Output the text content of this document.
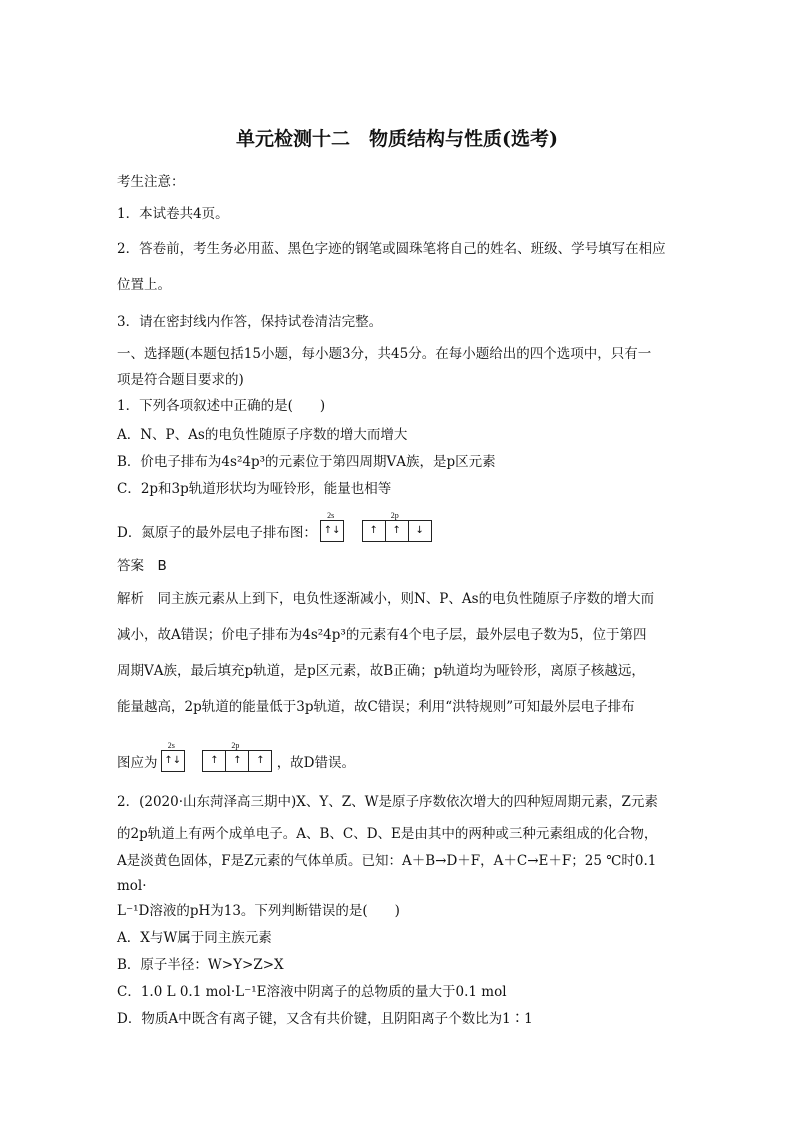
单元检测十二　物质结构与性质(选考)
考生注意：
1．本试卷共4页。
2．答卷前，考生务必用蓝、黑色字迹的钢笔或圆珠笔将自己的姓名、班级、学号填写在相应
位置上。
3．请在密封线内作答，保持试卷清洁完整。
一、选择题(本题包括15小题，每小题3分，共45分。在每小题给出的四个选项中，只有一
项是符合题目要求的)
1．下列各项叙述中正确的是(　　)
A．N、P、As的电负性随原子序数的增大而增大
B．价电子排布为4s²4p³的元素位于第四周期ⅤA族，是p区元素
C．2p和3p轨道形状均为哑铃形，能量也相等
D．氮原子的最外层电子排布图：
2s
↑↓
2p
↑ ↑ ↓
答案　B
解析　同主族元素从上到下，电负性逐渐减小，则N、P、As的电负性随原子序数的增大而
减小，故A错误；价电子排布为4s²4p³的元素有4个电子层，最外层电子数为5，位于第四
周期ⅤA族，最后填充p轨道，是p区元素，故B正确；p轨道均为哑铃形，离原子核越远，
能量越高，2p轨道的能量低于3p轨道，故C错误；利用“洪特规则”可知最外层电子排布
图应为
2s
↑↓
2p
↑ ↑ ↑ ，故D错误。
2．(2020·山东菏泽高三期中)X、Y、Z、W是原子序数依次增大的四种短周期元素，Z元素
的2p轨道上有两个成单电子。A、B、C、D、E是由其中的两种或三种元素组成的化合物，
A是淡黄色固体，F是Z元素的气体单质。已知：A＋B→D＋F，A＋C→E＋F；25 ℃时0.1
mol·
L⁻¹D溶液的pH为13。下列判断错误的是(　　)
A．X与W属于同主族元素
B．原子半径：W>Y>Z>X
C．1.0 L 0.1 mol·L⁻¹E溶液中阴离子的总物质的量大于0.1 mol
D．物质A中既含有离子键，又含有共价键，且阴阳离子个数比为1∶1
